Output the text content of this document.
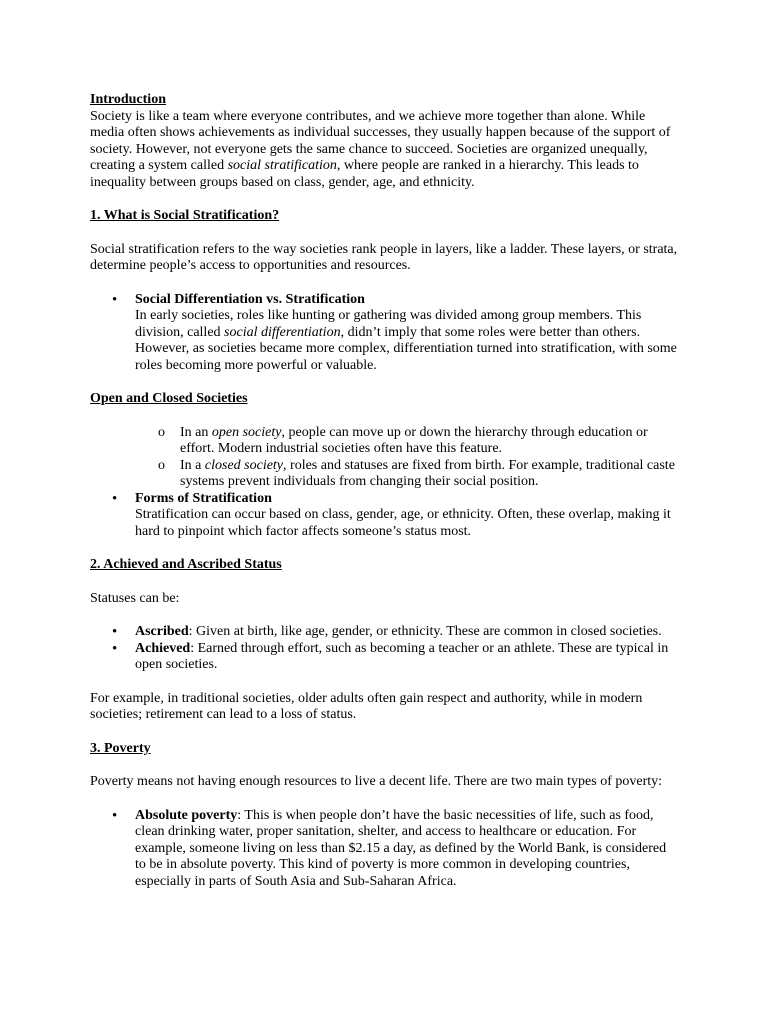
Introduction

Society is like a team where everyone contributes, and we achieve more together than alone. While media often shows achievements as individual successes, they usually happen because of the support of society. However, not everyone gets the same chance to succeed. Societies are organized unequally, creating a system called social stratification, where people are ranked in a hierarchy. This leads to inequality between groups based on class, gender, age, and ethnicity.

1. What is Social Stratification?

Social stratification refers to the way societies rank people in layers, like a ladder. These layers, or strata, determine people’s access to opportunities and resources.

• Social Differentiation vs. Stratification
In early societies, roles like hunting or gathering was divided among group members. This division, called social differentiation, didn’t imply that some roles were better than others. However, as societies became more complex, differentiation turned into stratification, with some roles becoming more powerful or valuable.
Open and Closed Societies
o In an open society, people can move up or down the hierarchy through education or effort. Modern industrial societies often have this feature.
o In a closed society, roles and statuses are fixed from birth. For example, traditional caste systems prevent individuals from changing their social position.
• Forms of Stratification
Stratification can occur based on class, gender, age, or ethnicity. Often, these overlap, making it hard to pinpoint which factor affects someone’s status most.
2. Achieved and Ascribed Status

Statuses can be:

• Ascribed: Given at birth, like age, gender, or ethnicity. These are common in closed societies.
• Achieved: Earned through effort, such as becoming a teacher or an athlete. These are typical in open societies.

For example, in traditional societies, older adults often gain respect and authority, while in modern societies; retirement can lead to a loss of status.

3. Poverty

Poverty means not having enough resources to live a decent life. There are two main types of poverty:

• Absolute poverty: This is when people don’t have the basic necessities of life, such as food, clean drinking water, proper sanitation, shelter, and access to healthcare or education. For example, someone living on less than $2.15 a day, as defined by the World Bank, is considered to be in absolute poverty. This kind of poverty is more common in developing countries, especially in parts of South Asia and Sub-Saharan Africa.
